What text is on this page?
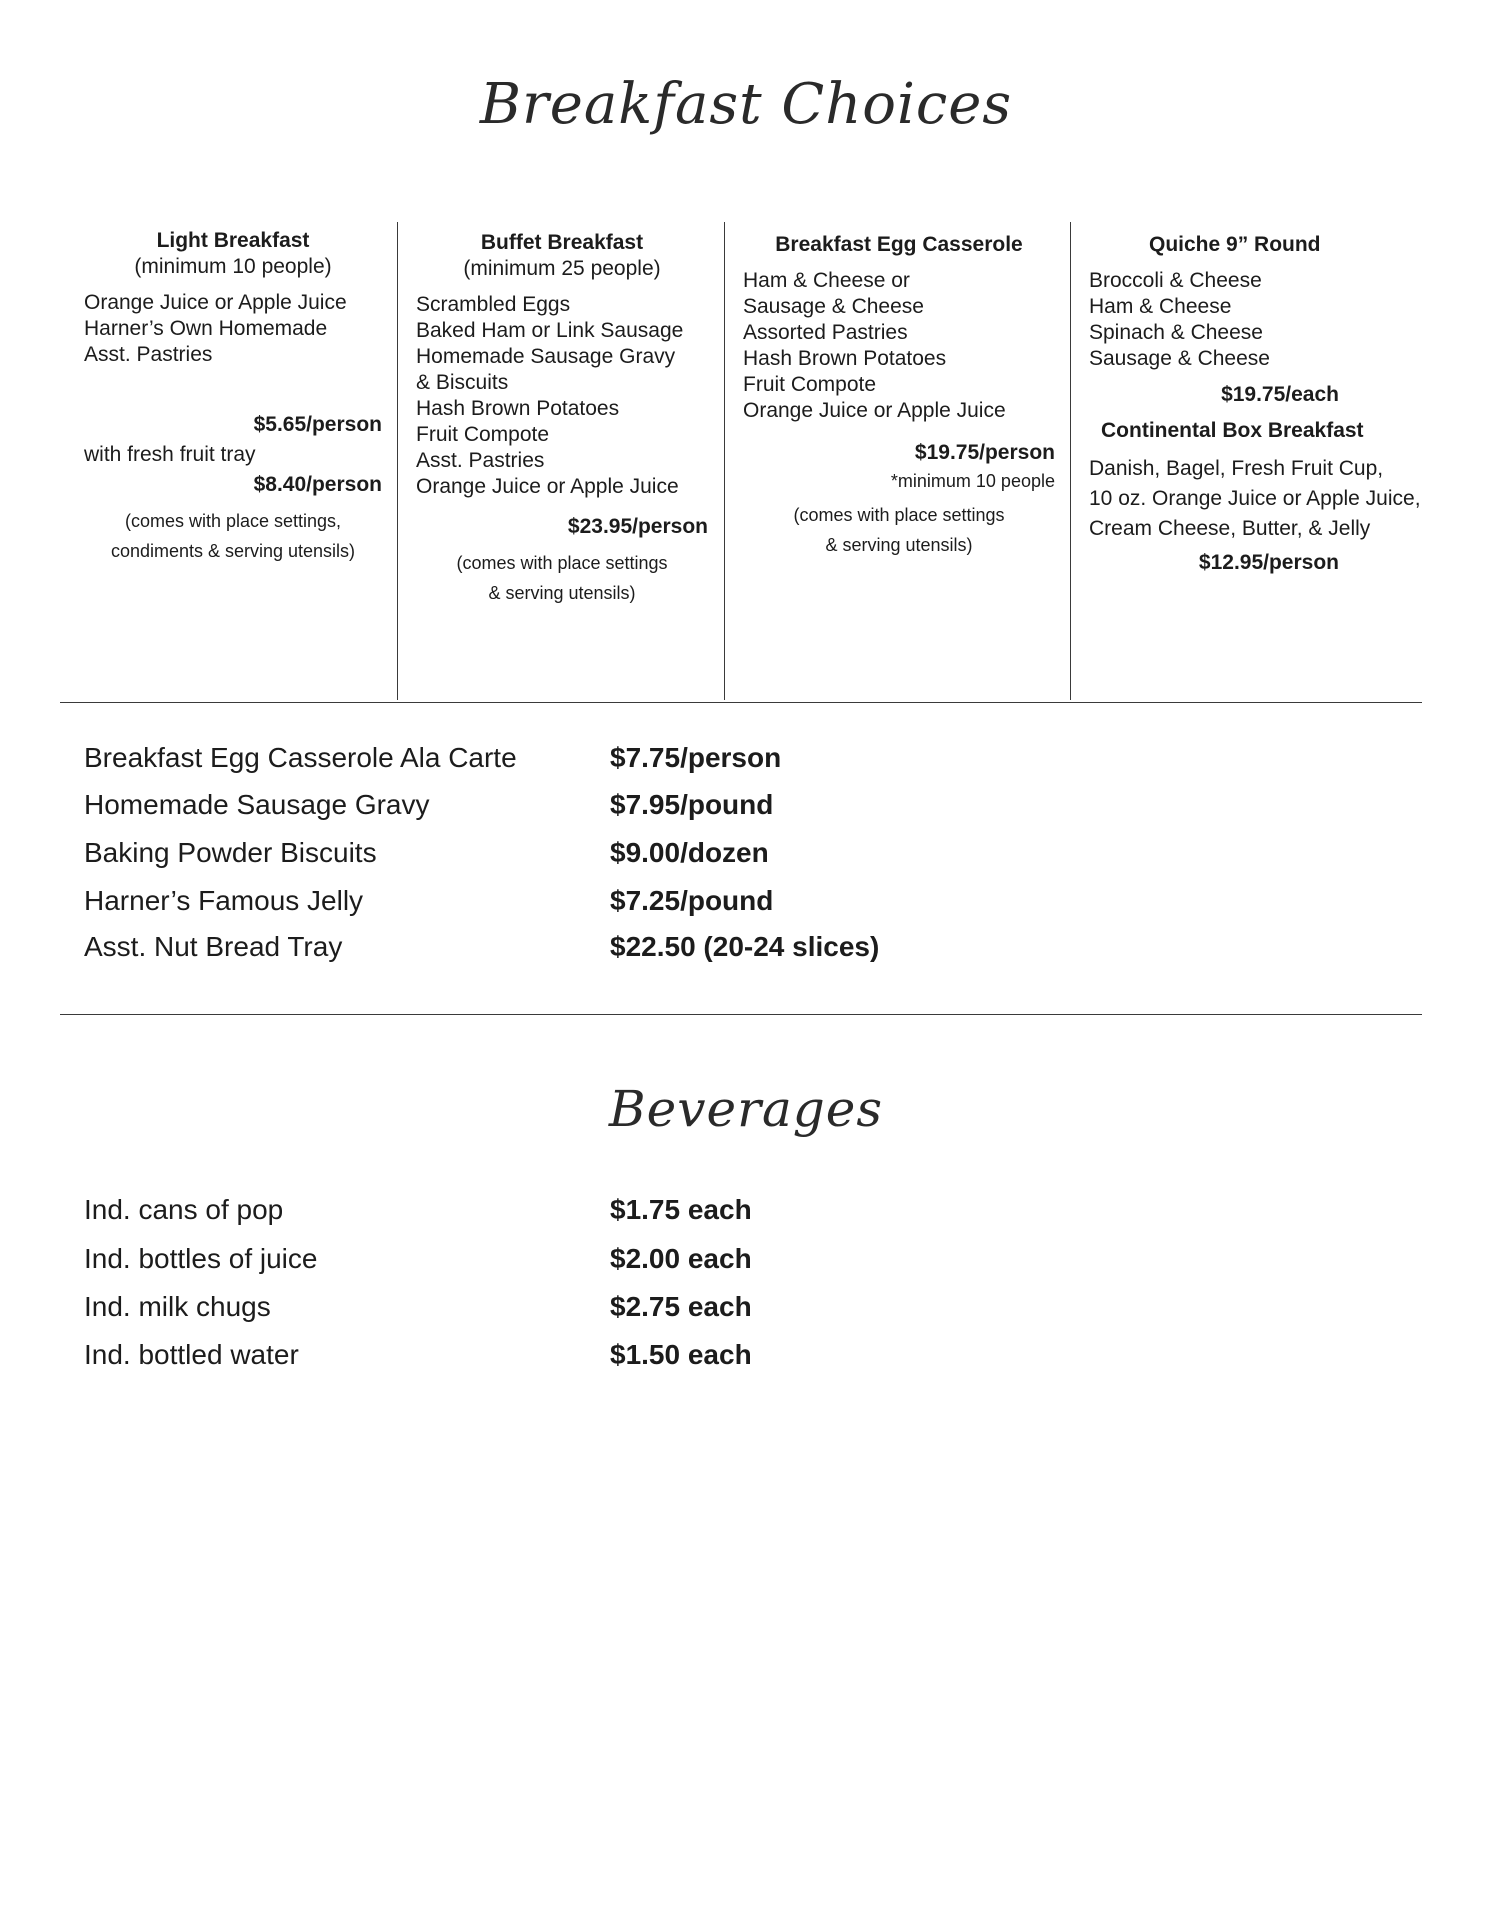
Breakfast Choices
Light Breakfast
(minimum 10 people)
Orange Juice or Apple Juice
Harner’s Own Homemade
Asst. Pastries
$5.65/person
with fresh fruit tray
$8.40/person
(comes with place settings,
condiments & serving utensils)
Buffet Breakfast
(minimum 25 people)
Scrambled Eggs
Baked Ham or Link Sausage
Homemade Sausage Gravy
& Biscuits
Hash Brown Potatoes
Fruit Compote
Asst. Pastries
Orange Juice or Apple Juice
$23.95/person
(comes with place settings
& serving utensils)
Breakfast Egg Casserole
Ham & Cheese or
Sausage & Cheese
Assorted Pastries
Hash Brown Potatoes
Fruit Compote
Orange Juice or Apple Juice
$19.75/person
*minimum 10 people
(comes with place settings
& serving utensils)
Quiche 9” Round
Broccoli & Cheese
Ham & Cheese
Spinach & Cheese
Sausage & Cheese
$19.75/each
Continental Box Breakfast
Danish, Bagel, Fresh Fruit Cup,
10 oz. Orange Juice or Apple Juice,
Cream Cheese, Butter, & Jelly
$12.95/person
Breakfast Egg Casserole Ala Carte	$7.75/person
Homemade Sausage Gravy	$7.95/pound
Baking Powder Biscuits	$9.00/dozen
Harner’s Famous Jelly	$7.25/pound
Asst. Nut Bread Tray	$22.50 (20-24 slices)
Beverages
Ind. cans of pop	$1.75 each
Ind. bottles of juice	$2.00 each
Ind. milk chugs	$2.75 each
Ind. bottled water	$1.50 each
